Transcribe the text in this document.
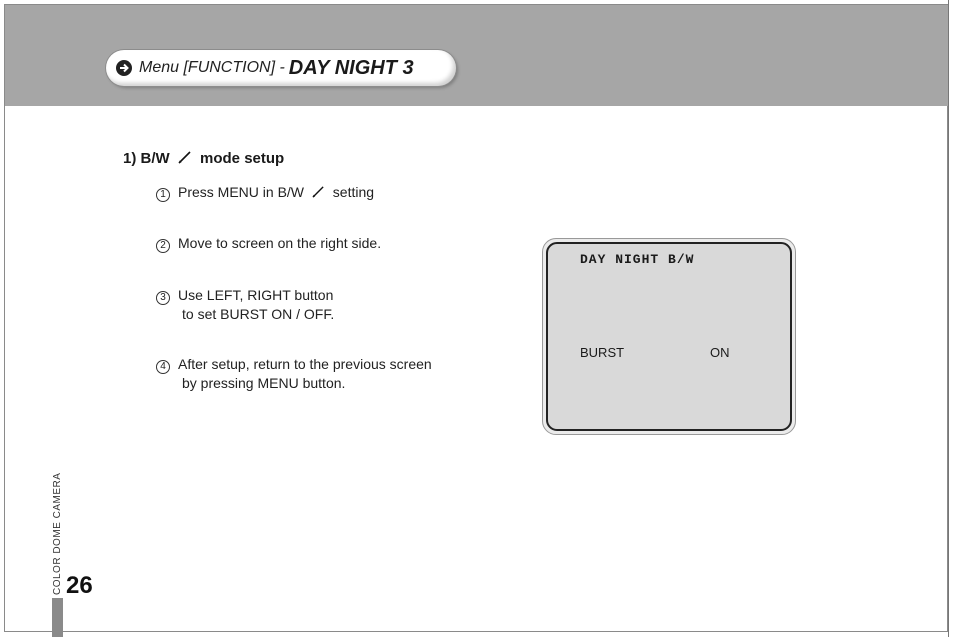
Menu [FUNCTION] - DAY NIGHT 3
1) B/W mode setup
1 Press MENU in B/W setting
2 Move to screen on the right side.
3 Use LEFT, RIGHT button
to set BURST ON / OFF.
4 After setup, return to the previous screen
by pressing MENU button.
DAY NIGHT B/W
BURST	ON
COLOR DOME CAMERA 26
